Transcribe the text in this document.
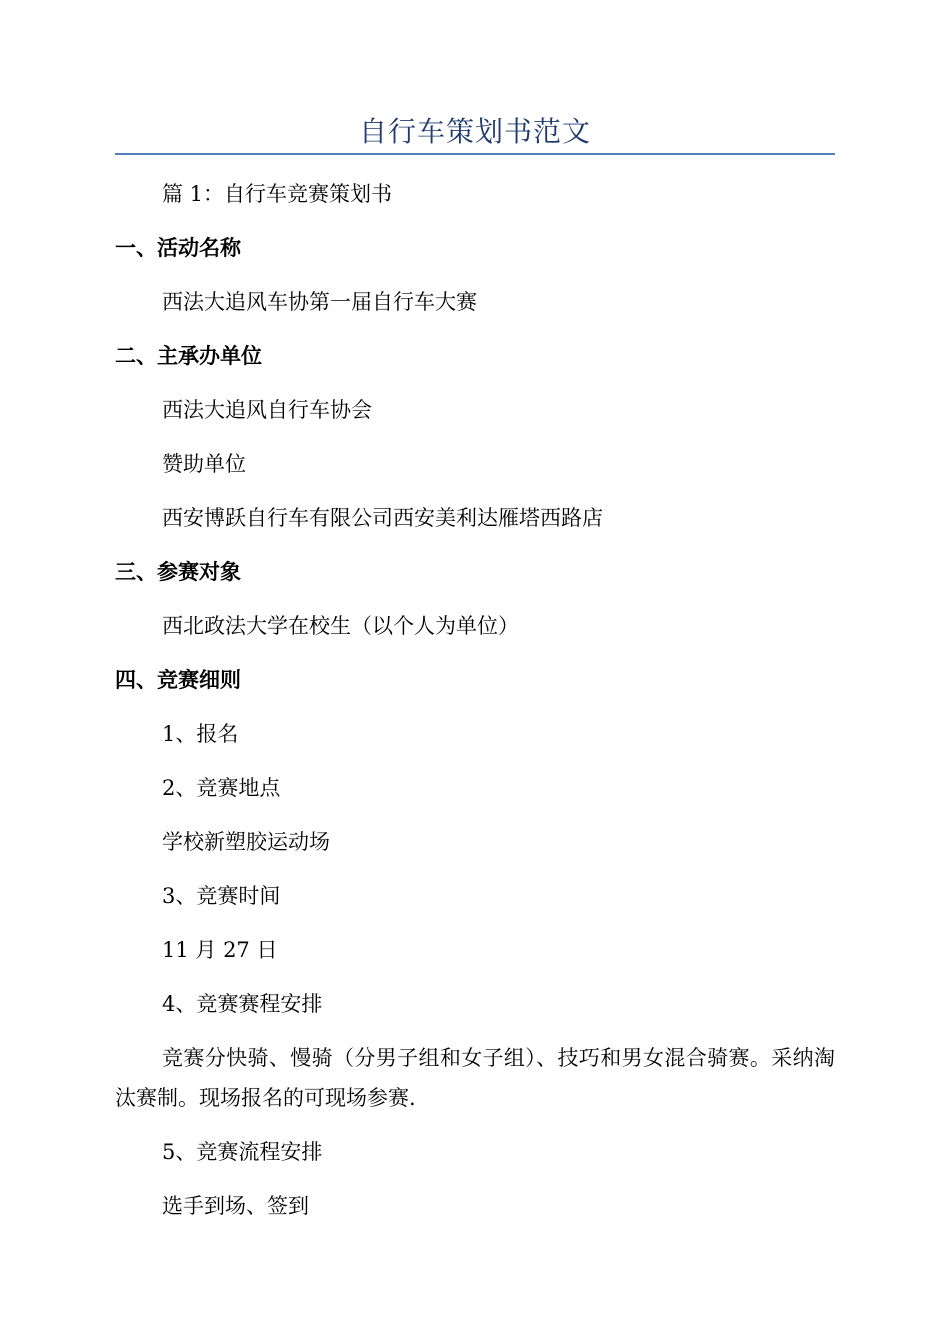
自行车策划书范文
篇 1：自行车竞赛策划书
一、活动名称
西法大追风车协第一届自行车大赛
二、主承办单位
西法大追风自行车协会
赞助单位
西安博跃自行车有限公司西安美利达雁塔西路店
三、参赛对象
西北政法大学在校生（以个人为单位）
四、竞赛细则
1、报名
2、竞赛地点
学校新塑胶运动场
3、竞赛时间
11 月 27 日
4、竞赛赛程安排
竞赛分快骑、慢骑（分男子组和女子组）、技巧和男女混合骑赛。采纳淘汰赛制。现场报名的可现场参赛.
5、竞赛流程安排
选手到场、签到
